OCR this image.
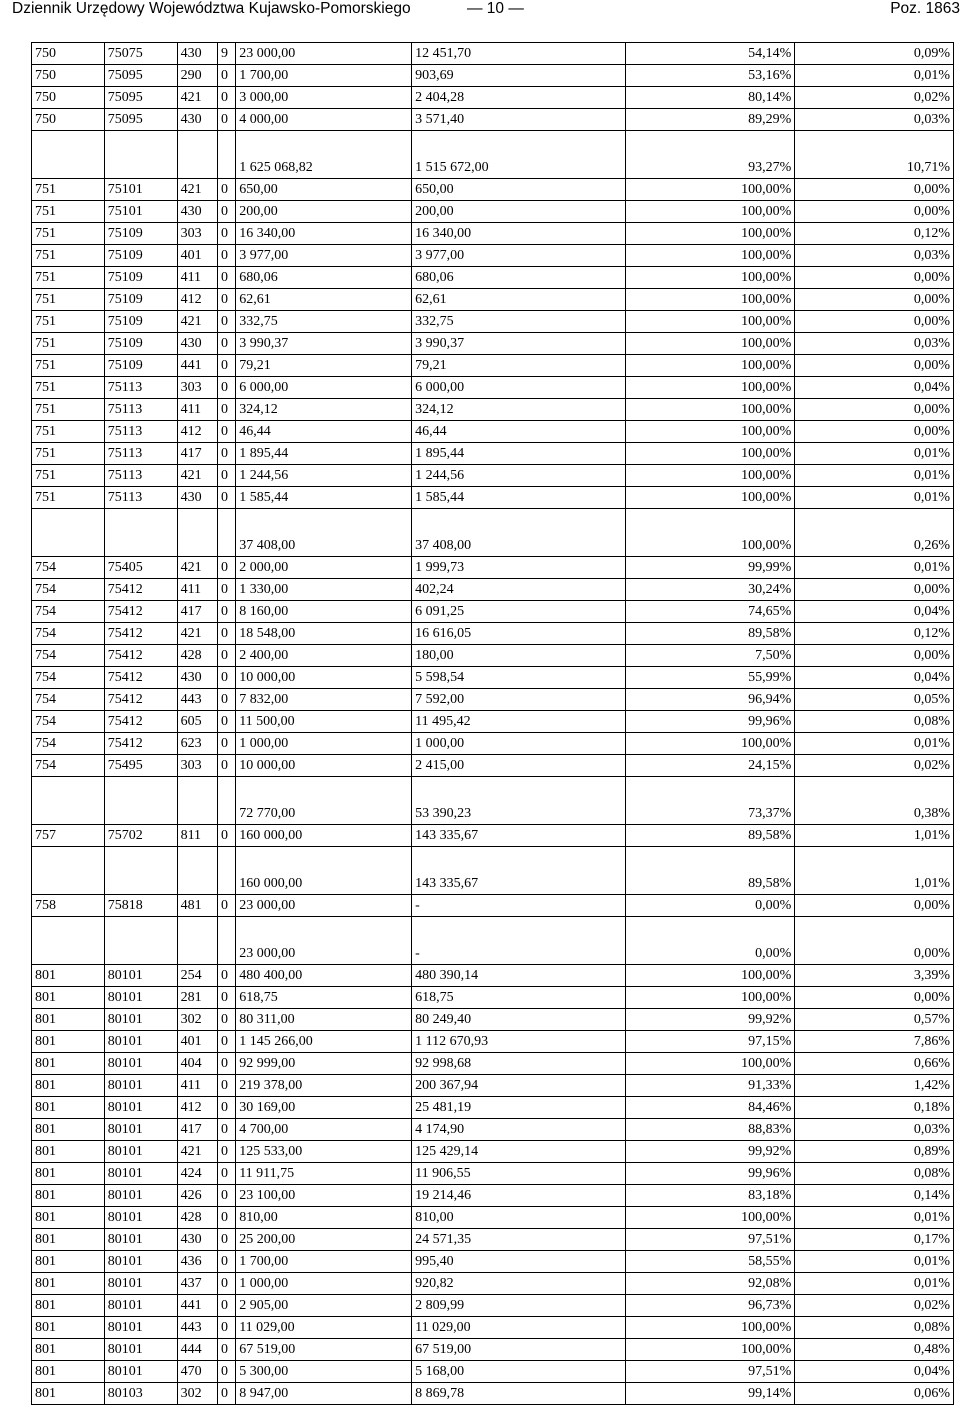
Dziennik Urzędowy Województwa Kujawsko-Pomorskiego	— 10 —	Poz. 1863
750	75075	430	9	23 000,00	12 451,70	54,14%	0,09%
750	75095	290	0	1 700,00	903,69	53,16%	0,01%
750	75095	421	0	3 000,00	2 404,28	80,14%	0,02%
750	75095	430	0	4 000,00	3 571,40	89,29%	0,03%
				1 625 068,82	1 515 672,00	93,27%	10,71%
751	75101	421	0	650,00	650,00	100,00%	0,00%
751	75101	430	0	200,00	200,00	100,00%	0,00%
751	75109	303	0	16 340,00	16 340,00	100,00%	0,12%
751	75109	401	0	3 977,00	3 977,00	100,00%	0,03%
751	75109	411	0	680,06	680,06	100,00%	0,00%
751	75109	412	0	62,61	62,61	100,00%	0,00%
751	75109	421	0	332,75	332,75	100,00%	0,00%
751	75109	430	0	3 990,37	3 990,37	100,00%	0,03%
751	75109	441	0	79,21	79,21	100,00%	0,00%
751	75113	303	0	6 000,00	6 000,00	100,00%	0,04%
751	75113	411	0	324,12	324,12	100,00%	0,00%
751	75113	412	0	46,44	46,44	100,00%	0,00%
751	75113	417	0	1 895,44	1 895,44	100,00%	0,01%
751	75113	421	0	1 244,56	1 244,56	100,00%	0,01%
751	75113	430	0	1 585,44	1 585,44	100,00%	0,01%
				37 408,00	37 408,00	100,00%	0,26%
754	75405	421	0	2 000,00	1 999,73	99,99%	0,01%
754	75412	411	0	1 330,00	402,24	30,24%	0,00%
754	75412	417	0	8 160,00	6 091,25	74,65%	0,04%
754	75412	421	0	18 548,00	16 616,05	89,58%	0,12%
754	75412	428	0	2 400,00	180,00	7,50%	0,00%
754	75412	430	0	10 000,00	5 598,54	55,99%	0,04%
754	75412	443	0	7 832,00	7 592,00	96,94%	0,05%
754	75412	605	0	11 500,00	11 495,42	99,96%	0,08%
754	75412	623	0	1 000,00	1 000,00	100,00%	0,01%
754	75495	303	0	10 000,00	2 415,00	24,15%	0,02%
				72 770,00	53 390,23	73,37%	0,38%
757	75702	811	0	160 000,00	143 335,67	89,58%	1,01%
				160 000,00	143 335,67	89,58%	1,01%
758	75818	481	0	23 000,00	-	0,00%	0,00%
				23 000,00	-	0,00%	0,00%
801	80101	254	0	480 400,00	480 390,14	100,00%	3,39%
801	80101	281	0	618,75	618,75	100,00%	0,00%
801	80101	302	0	80 311,00	80 249,40	99,92%	0,57%
801	80101	401	0	1 145 266,00	1 112 670,93	97,15%	7,86%
801	80101	404	0	92 999,00	92 998,68	100,00%	0,66%
801	80101	411	0	219 378,00	200 367,94	91,33%	1,42%
801	80101	412	0	30 169,00	25 481,19	84,46%	0,18%
801	80101	417	0	4 700,00	4 174,90	88,83%	0,03%
801	80101	421	0	125 533,00	125 429,14	99,92%	0,89%
801	80101	424	0	11 911,75	11 906,55	99,96%	0,08%
801	80101	426	0	23 100,00	19 214,46	83,18%	0,14%
801	80101	428	0	810,00	810,00	100,00%	0,01%
801	80101	430	0	25 200,00	24 571,35	97,51%	0,17%
801	80101	436	0	1 700,00	995,40	58,55%	0,01%
801	80101	437	0	1 000,00	920,82	92,08%	0,01%
801	80101	441	0	2 905,00	2 809,99	96,73%	0,02%
801	80101	443	0	11 029,00	11 029,00	100,00%	0,08%
801	80101	444	0	67 519,00	67 519,00	100,00%	0,48%
801	80101	470	0	5 300,00	5 168,00	97,51%	0,04%
801	80103	302	0	8 947,00	8 869,78	99,14%	0,06%
